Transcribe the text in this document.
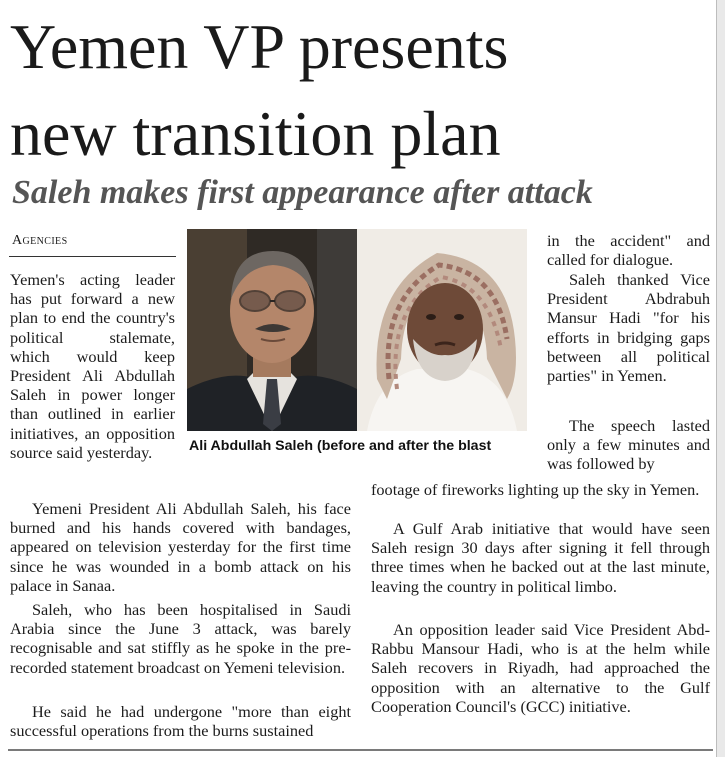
Yemen VP presents
new transition plan
Saleh makes first appearance after attack
Agencies

Yemen's acting leader has put forward a new plan to end the country's political stalemate, which would keep President Ali Abdullah Saleh in power longer than outlined in earlier initiatives, an opposition source said yesterday.	Ali Abdullah Saleh (before and after the blast

in the accident" and called for dialogue.

Saleh thanked Vice President Abdrabuh Mansur Hadi "for his efforts in bridging gaps between all political parties" in Yemen.

The speech lasted only a few minutes and was followed by

Yemeni President Ali Abdullah Saleh, his face burned and his hands covered with bandages, appeared on television yesterday for the first time since he was wounded in a bomb attack on his palace in Sanaa.

Saleh, who has been hospitalised in Saudi Arabia since the June 3 attack, was barely recognisable and sat stiffly as he spoke in the pre-recorded statement broadcast on Yemeni television.

He said he had undergone "more than eight successful operations from the burns sustained

footage of fireworks lighting up the sky in Yemen.

A Gulf Arab initiative that would have seen Saleh resign 30 days after signing it fell through three times when he backed out at the last minute, leaving the country in political limbo.

An opposition leader said Vice President Abd-Rabbu Mansour Hadi, who is at the helm while Saleh recovers in Riyadh, had approached the opposition with an alternative to the Gulf Cooperation Council's (GCC) initiative.
